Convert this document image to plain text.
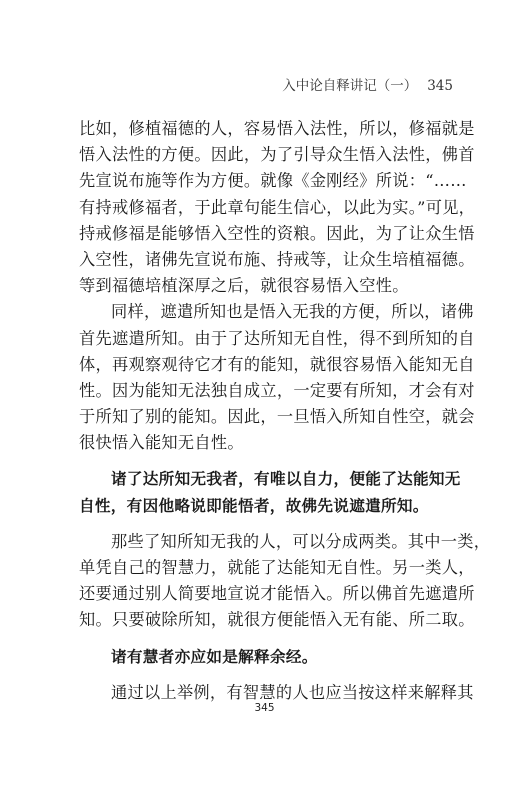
入中论自释讲记（一） 345
比如，修植福德的人，容易悟入法性，所以，修福就是
悟入法性的方便。因此，为了引导众生悟入法性，佛首
先宣说布施等作为方便。就像《金刚经》所说：“……
有持戒修福者，于此章句能生信心，以此为实。”可见，
持戒修福是能够悟入空性的资粮。因此，为了让众生悟
入空性，诸佛先宣说布施、持戒等，让众生培植福德。
等到福德培植深厚之后，就很容易悟入空性。
同样，遮遣所知也是悟入无我的方便，所以，诸佛
首先遮遣所知。由于了达所知无自性，得不到所知的自
体，再观察观待它才有的能知，就很容易悟入能知无自
性。因为能知无法独自成立，一定要有所知，才会有对
于所知了别的能知。因此，一旦悟入所知自性空，就会
很快悟入能知无自性。
诸了达所知无我者，有唯以自力，便能了达能知无
自性，有因他略说即能悟者，故佛先说遮遣所知。
那些了知所知无我的人，可以分成两类。其中一类，
单凭自己的智慧力，就能了达能知无自性。另一类人，
还要通过别人简要地宣说才能悟入。所以佛首先遮遣所
知。只要破除所知，就很方便能悟入无有能、所二取。
诸有慧者亦应如是解释余经。
通过以上举例，有智慧的人也应当按这样来解释其
345
